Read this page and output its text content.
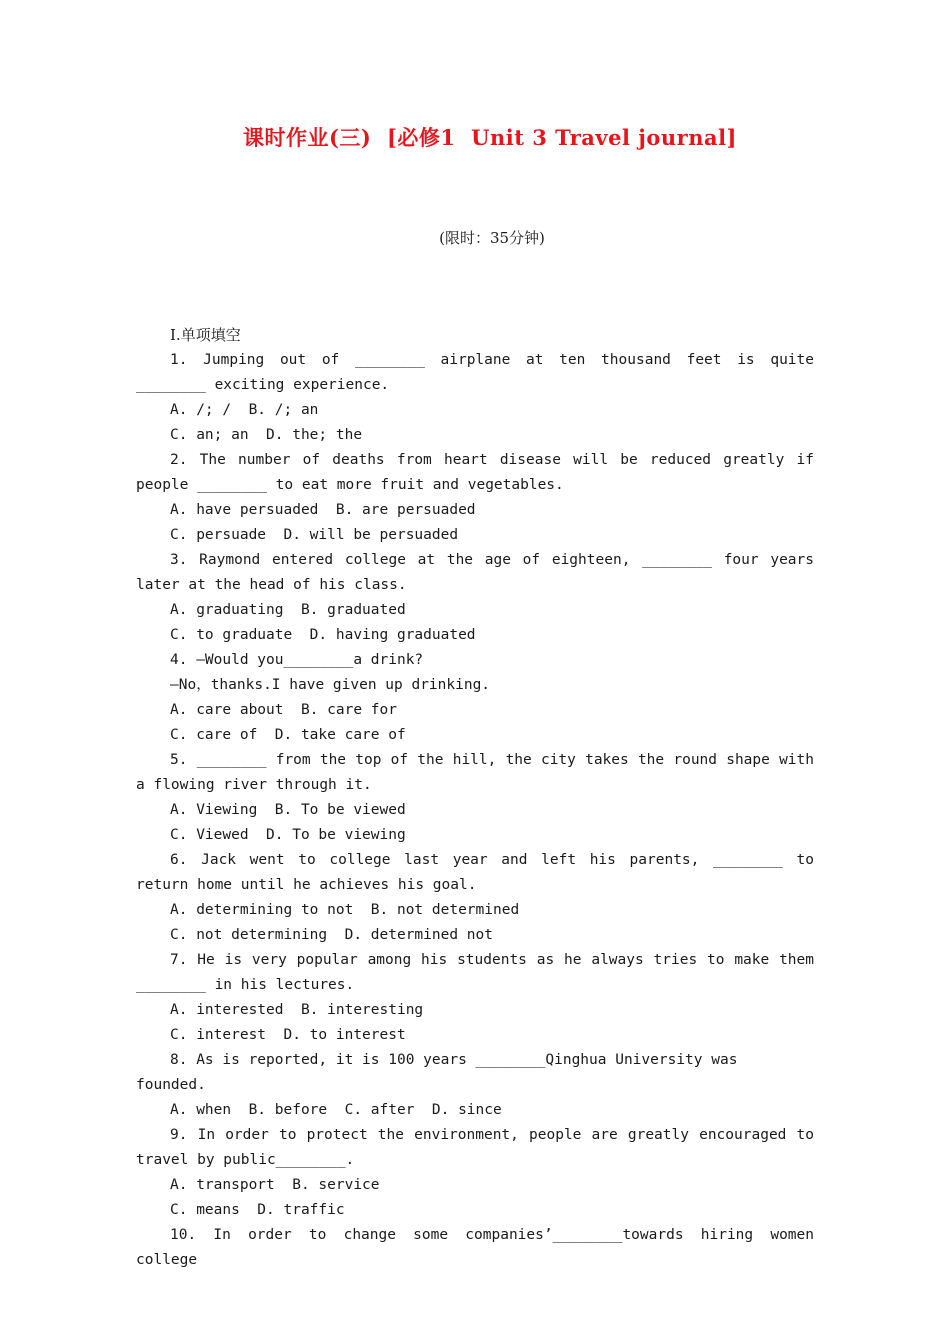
课时作业(三)  [必修1  Unit 3 Travel journal]
(限时：35分钟)
Ⅰ.单项填空

1. Jumping out of ________ airplane at ten thousand feet is quite ________ exciting experience.

A. /; /  B. /; an

C. an; an  D. the; the

2. The number of deaths from heart disease will be reduced greatly if people ________ to eat more fruit and vegetables.

A. have persuaded  B. are persuaded

C. persuade  D. will be persuaded

3. Raymond entered college at the age of eighteen, ________ four years later at the head of his class.

A. graduating  B. graduated

C. to graduate  D. having graduated

4. —Would you________a drink?

—No，thanks.I have given up drinking.

A. care about  B. care for

C. care of  D. take care of

5. ________ from the top of the hill, the city takes the round shape with a flowing river through it.

A. Viewing  B. To be viewed

C. Viewed  D. To be viewing

6. Jack went to college last year and left his parents, ________ to return home until he achieves his goal.

A. determining to not  B. not determined

C. not determining  D. determined not

7. He is very popular among his students as he always tries to make them ________ in his lectures.

A. interested  B. interesting

C. interest  D. to interest

8. As is reported, it is 100 years ________Qinghua University was founded.

A. when  B. before  C. after  D. since

9. In order to protect the environment, people are greatly encouraged to travel by public________.

A. transport  B. service

C. means  D. traffic

10. In order to change some companies’________towards hiring women college
